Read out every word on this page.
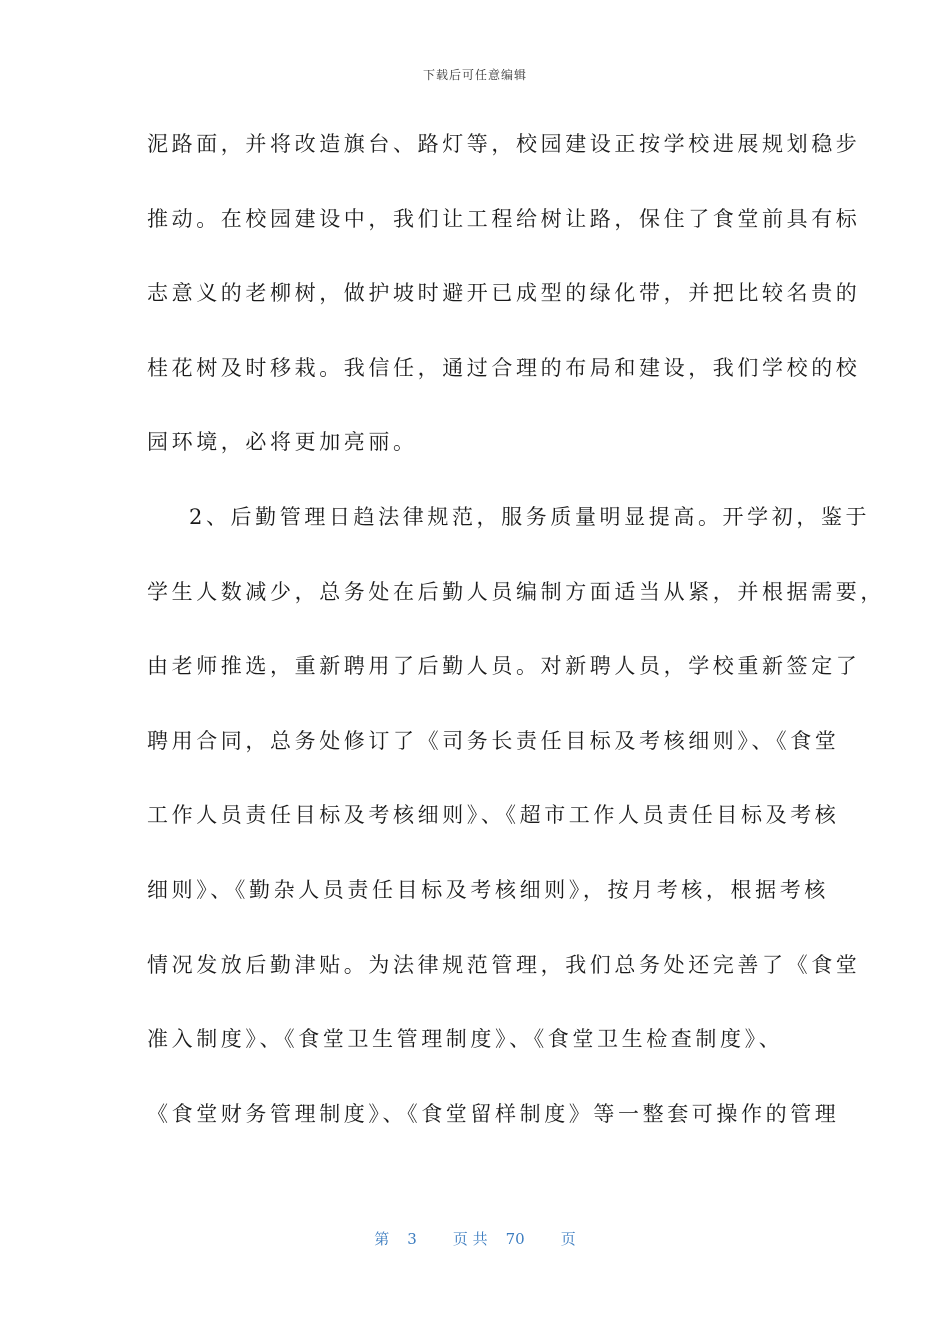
下载后可任意编辑
泥路面，并将改造旗台、路灯等，校园建设正按学校进展规划稳步
推动。在校园建设中，我们让工程给树让路，保住了食堂前具有标
志意义的老柳树，做护坡时避开已成型的绿化带，并把比较名贵的
桂花树及时移栽。我信任，通过合理的布局和建设，我们学校的校
园环境，必将更加亮丽。
2、后勤管理日趋法律规范，服务质量明显提高。开学初，鉴于
学生人数减少，总务处在后勤人员编制方面适当从紧，并根据需要，
由老师推选，重新聘用了后勤人员。对新聘人员，学校重新签定了
聘用合同，总务处修订了《司务长责任目标及考核细则》、《食堂
工作人员责任目标及考核细则》、《超市工作人员责任目标及考核
细则》、《勤杂人员责任目标及考核细则》，按月考核，根据考核
情况发放后勤津贴。为法律规范管理，我们总务处还完善了《食堂
准入制度》、《食堂卫生管理制度》、《食堂卫生检查制度》、
《食堂财务管理制度》、《食堂留样制度》等一整套可操作的管理
第 3 页 共 70 页
